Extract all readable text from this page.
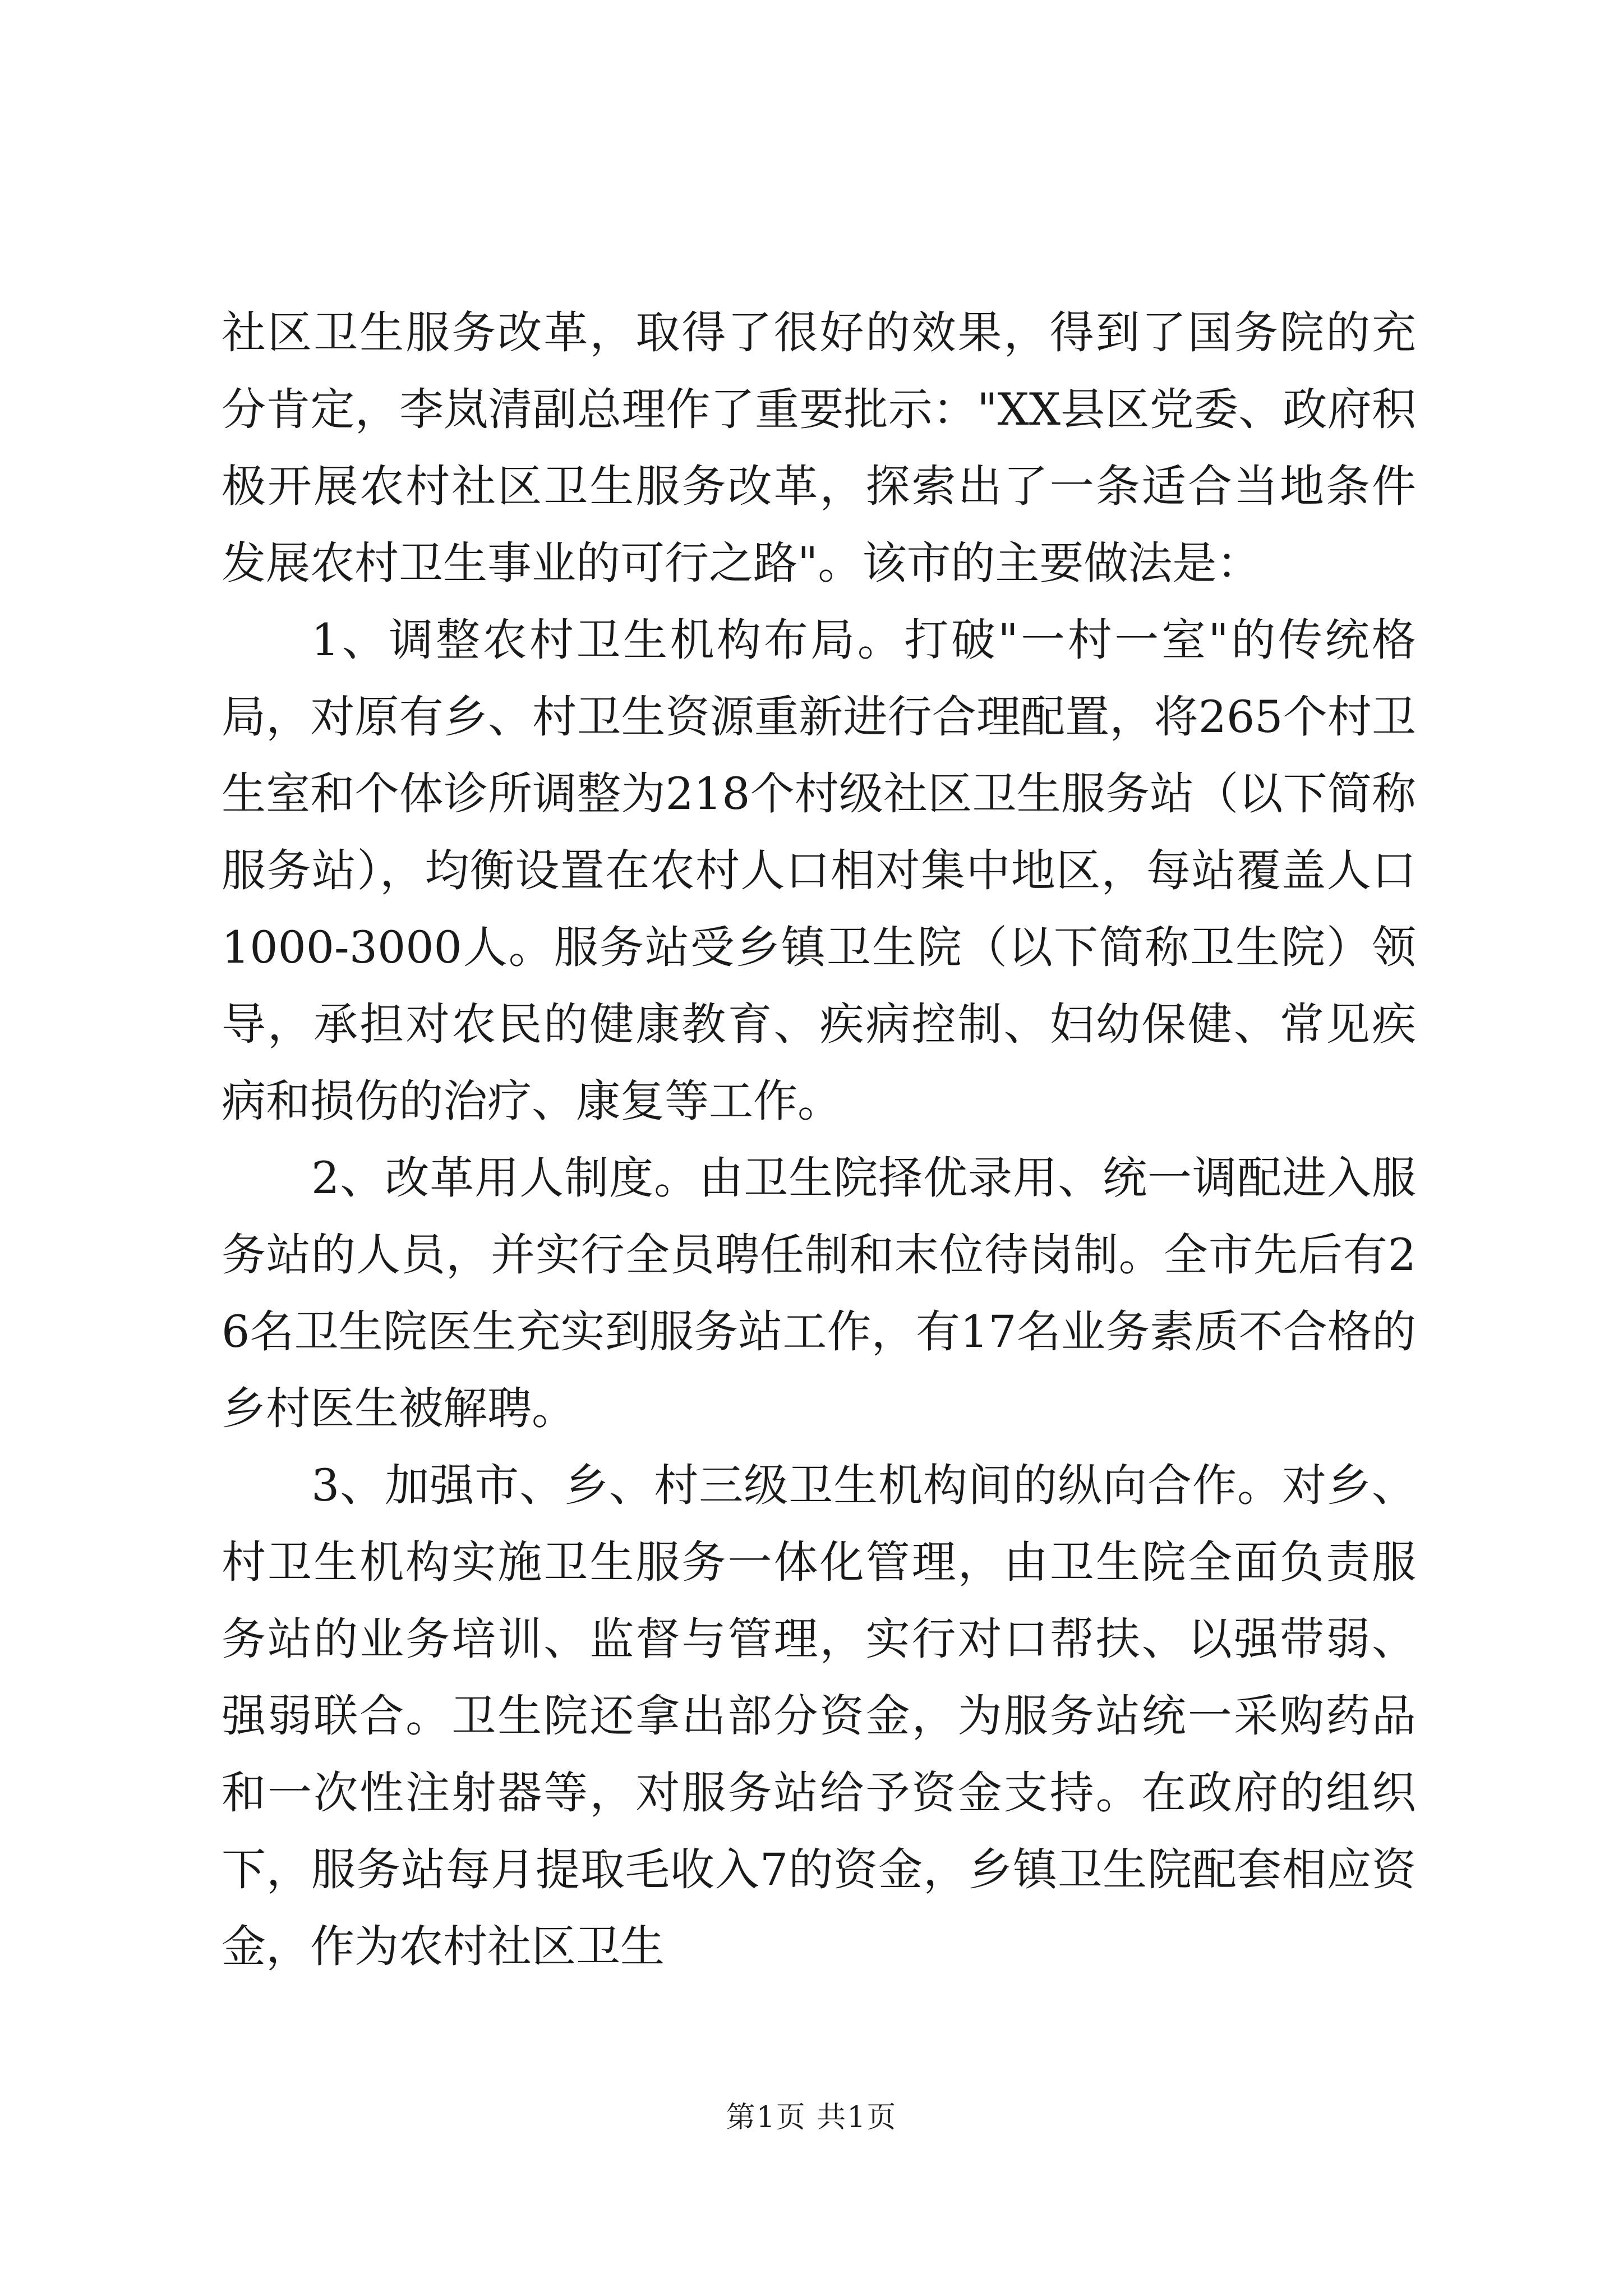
社区卫生服务改革，取得了很好的效果，得到了国务院的充分肯定，李岚清副总理作了重要批示："XX县区党委、政府积极开展农村社区卫生服务改革，探索出了一条适合当地条件发展农村卫生事业的可行之路"。该市的主要做法是：

1、调整农村卫生机构布局。打破"一村一室"的传统格局，对原有乡、村卫生资源重新进行合理配置，将265个村卫生室和个体诊所调整为218个村级社区卫生服务站（以下简称服务站），均衡设置在农村人口相对集中地区，每站覆盖人口1000-3000人。服务站受乡镇卫生院（以下简称卫生院）领导，承担对农民的健康教育、疾病控制、妇幼保健、常见疾病和损伤的治疗、康复等工作。

2、改革用人制度。由卫生院择优录用、统一调配进入服务站的人员，并实行全员聘任制和末位待岗制。全市先后有26名卫生院医生充实到服务站工作，有17名业务素质不合格的乡村医生被解聘。

3、加强市、乡、村三级卫生机构间的纵向合作。对乡、村卫生机构实施卫生服务一体化管理，由卫生院全面负责服务站的业务培训、监督与管理，实行对口帮扶、以强带弱、强弱联合。卫生院还拿出部分资金，为服务站统一采购药品和一次性注射器等，对服务站给予资金支持。在政府的组织下，服务站每月提取毛收入7的资金，乡镇卫生院配套相应资金，作为农村社区卫生

第1页 共1页
